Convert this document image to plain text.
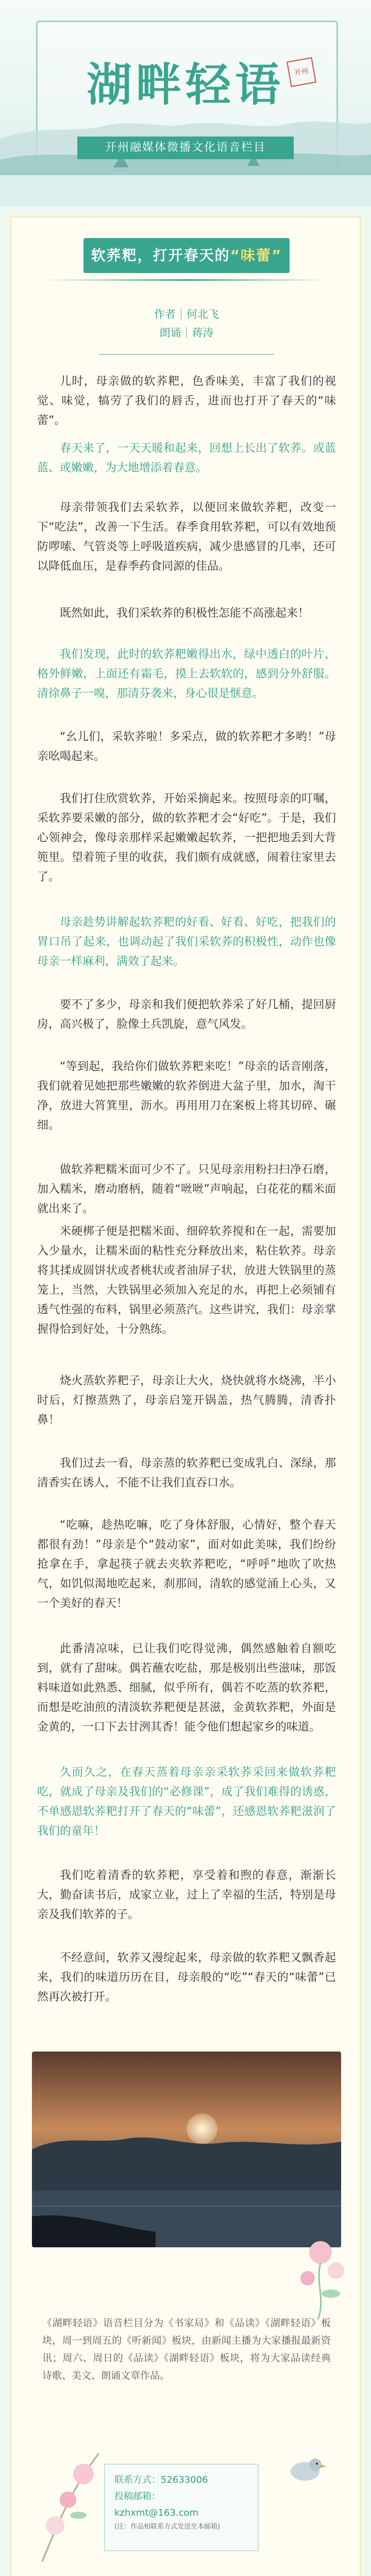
湖畔轻语	开州
开州融媒体微播文化语音栏目
软荞粑，打开春天的“味蕾”
作者｜何北飞
朗诵｜蒋涛

儿时，母亲做的软荞粑，色香味美，丰富了我们的视觉、味觉，犒劳了我们的唇舌，进而也打开了春天的“味蕾”。

春天来了，一天天暖和起来，回想上长出了软荞。或蓝蓝、或嫩嫩，为大地增添着春意。

母亲带领我们去采软荞，以便回来做软荞粑，改变一下“吃法”，改善一下生活。春季食用软荞粑，可以有效地预防啰嗦、气管炎等上呼吸道疾病，减少患感冒的几率，还可以降低血压，是春季药食同源的佳品。

既然如此，我们采软荞的积极性怎能不高涨起来！

我们发现，此时的软荞粑嫩得出水，绿中透白的叶片，格外鲜嫩，上面还有霜毛，摸上去软软的，感到分外舒服。清徐鼻子一嗅，那清芬袭来，身心很是惬意。

“幺儿们，采软荞啦！多采点，做的软荞粑才多哟！”母亲吆喝起来。

我们打住欣赏软荞，开始采摘起来。按照母亲的叮嘱，采软荞要采嫩的部分，做的软荞粑才会“好吃”。于是，我们心领神会，像母亲那样采起嫩嫩起软荞，一把把地丢到大背篼里。望着篼子里的收获，我们颇有成就感，闹着往家里去了。

母亲趁势讲解起软荞粑的好看、好看、好吃，把我们的胃口吊了起来，也调动起了我们采软荞的积极性，动作也像母亲一样麻利，满效了起来。

要不了多少，母亲和我们便把软荞采了好几桶，提回厨房，高兴极了，脸像土兵凯旋，意气风发。

“等到起，我给你们做软荞粑来吃！”母亲的话音刚落，我们就着见她把那些嫩嫩的软荞倒进大盆子里，加水，淘干净，放进大筲箕里，沥水。再用用刀在案板上将其切碎、碾细。

做软荞粑糯米面可少不了。只见母亲用粉扫扫净石磨，加入糯米，磨动磨柄，随着“咝咝”声响起，白花花的糯米面就出来了。

米硬梆子便是把糯米面、细碎软荞搅和在一起，需要加入少量水，让糯米面的粘性充分释放出来，粘住软荞。母亲将其揉成圆饼状或者桃状或者油屏子状，放进大铁锅里的蒸笼上，当然，大铁锅里必须加入充足的水，再把上必须铺有透气性强的布料，锅里必须蒸汽。这些讲究，我们：母亲掌握得恰到好处，十分熟练。

烧火蒸软荞粑子，母亲让大火，烧快就将水烧沸，半小时后，灯擦蒸熟了，母亲启笼开锅盖，热气腾腾，清香扑鼻！

我们过去一看，母亲蒸的软荞粑已变成乳白、深绿，那清香实在诱人，不能不让我们直吞口水。

“吃嘛，趁热吃嘛，吃了身体舒服，心情好，整个春天都很有劲！”母亲是个“鼓动家”，面对如此美味，我们纷纷抢拿在手，拿起筷子就去夹软荞粑吃，“呼呼”地吹了吹热气，如饥似渴地吃起来，刹那间，清软的感觉涌上心头，又一个美好的春天！

此番清凉味，已让我们吃得觉沸，偶然感触着自额吃到，就有了甜味。偶若蘸农吃盐，那是极别出些滋味，那饭料味道如此熟悉、细腻，似乎所有，偶若不吃蒸的软荞粑，而想是吃油煎的清淡软荞粑便是甚滋，金黄软荞粑，外面是金黄的，一口下去甘洌其香！能令他们想起家乡的味道。

久而久之，在春天蒸着母亲亲采软荞采回来做软荞粑吃，就成了母亲及我们的“必修课”，成了我们难得的诱惑，不单感恩软荞粑打开了春天的“味蕾”，还感恩软荞粑滋润了我们的童年！

我们吃着清香的软荞粑，享受着和煦的春意，渐渐长大，勤奋读书后，成家立业，过上了幸福的生活，特别是母亲及我们软荞的子。

不经意间，软荞又漫绽起来，母亲做的软荞粑又飘香起来，我们的味道历历在目，母亲般的“吃”“春天的“味蕾”已然再次被打开。

《湖畔轻语》语音栏目分为《书家局》和《品读》《湖畔轻语》板块，周一到周五的《听新闻》板块，由新闻主播为大家播报最新资讯；周六、周日的《品读》《湖畔轻语》板块，将为大家品读经典诗歌、美文、朗诵文章作品。
联系方式：52633006
投稿邮箱：
kzhxmt@163.com
(注：作品相联系方式发送至本邮箱)
